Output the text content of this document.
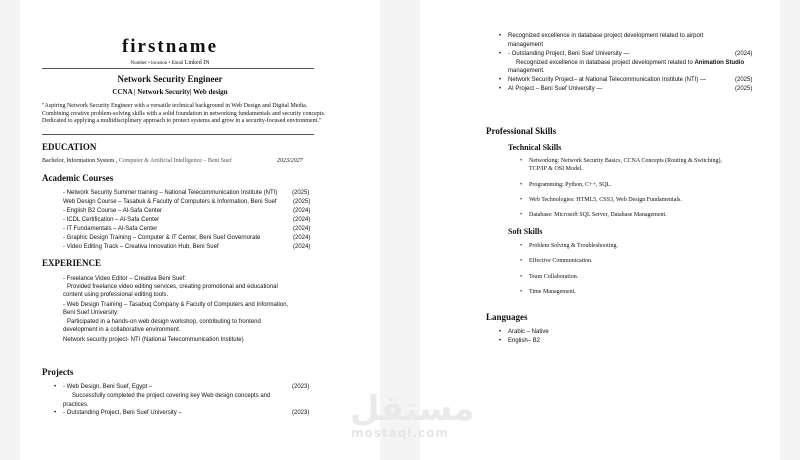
firstname
Number • location • Email Linked IN
Network Security Engineer
CCNA | Network Security| Web design
"Aspiring Network Security Engineer with a versatile technical background in Web Design and Digital Media. Combining creative problem-solving skills with a solid foundation in networking fundamentals and security concepts. Dedicated to applying a multidisciplinary approach to protect systems and grow in a security-focused environment."
EDUCATION
Bachelor, Information System , Computer & Artificial Intelligence – Beni Suef	2023/2027
Academic Courses
- Network Security Summer training – National Telecommunication Institute (NTI) (2025)
Web Design Course – Tasabuk & Faculty of Computers & Information, Beni Suef	(2025)
- English B2 Course – Al-Safa Center	(2024)
- ICDL Certification – Al-Safa Center	(2024)
- IT Fundamentals – Al-Safa Center	(2024)
- Graphic Design Training – Computer & IT Center, Beni Suef Governorate	(2024)
- Video Editing Track – Creativa Innovation Hub, Beni Suef	(2024)
EXPERIENCE
- Freelance Video Editor – Creativa Beni Suef:
Provided freelance video editing services, creating promotional and educational
content using professional editing tools.
- Web Design Training – Tasabuq Company & Faculty of Computers and Information,
Beni Suef University:
Participated in a hands-on web design workshop, contributing to frontend
development in a collaborative environment.
Network security project- NTI (National Telecommunication Institute)
Projects
• - Web Design, Beni Suef, Egypt –	(2023)
Successfully completed the project covering key Web design concepts and
practices.
• - Outstanding Project, Beni Suef University –	(2023)
• Recognized excellence in database project development related to airport
management
• - Outstanding Project, Beni Suef University —	(2024)
Recognized excellence in database project development related to Animation Studio
management.
• Network Security Project– at National Telecommunication Institute (NTI) —	(2025)
• AI Project – Beni Suef University —	(2025)
Professional Skills
Technical Skills
• Networking: Network Security Basics, CCNA Concepts (Routing & Switching),
TCP/IP & OSI Model.
• Programming: Python, C++, SQL.
• Web Technologies: HTML5, CSS3, Web Design Fundamentals.
• Database: Microsoft SQL Server, Database Management.
Soft Skills
• Problem Solving & Troubleshooting.
• Effective Communication.
• Team Collaboration.
• Time Management.
Languages
• Arabic – Native
• English– B2
مستقل
mostaql.com
